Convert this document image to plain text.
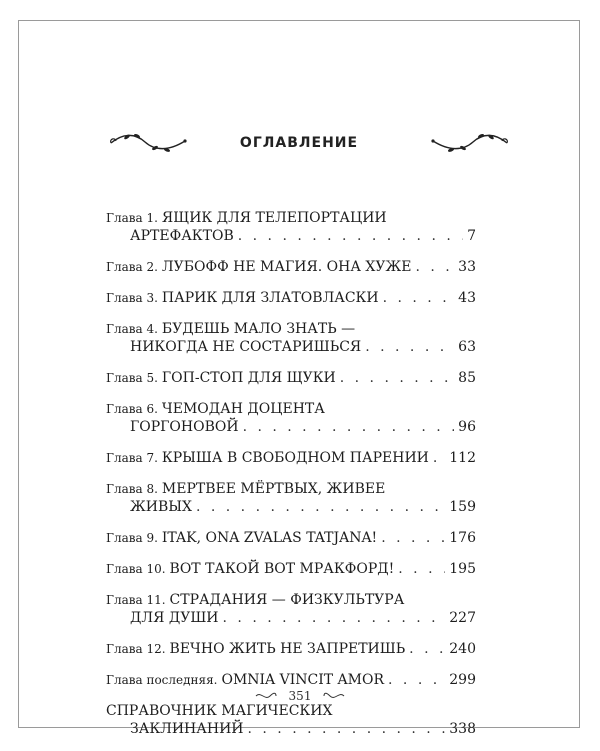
ОГЛАВЛЕНИЕ
Глава 1. ЯЩИК ДЛЯ ТЕЛЕПОРТАЦИИ
АРТЕФАКТОВ . . .	7
Глава 2. ЛУБОФФ НЕ МАГИЯ. ОНА ХУЖЕ . . .	33
Глава 3. ПАРИК ДЛЯ ЗЛАТОВЛАСКИ . . .	43
Глава 4. БУДЕШЬ МАЛО ЗНАТЬ —
НИКОГДА НЕ СОСТАРИШЬСЯ . . .	63
Глава 5. ГОП-СТОП ДЛЯ ЩУКИ . . .	85
Глава 6. ЧЕМОДАН ДОЦЕНТА
ГОРГОНОВОЙ . . .	96
Глава 7. КРЫША В СВОБОДНОМ ПАРЕНИИ . . . 112
Глава 8. МЕРТВЕЕ МЁРТВЫХ, ЖИВЕЕ
ЖИВЫХ . . .	159
Глава 9. ITAK, ONA ZVALAS TATJANA! . . .	176
Глава 10. ВОТ ТАКОЙ ВОТ МРАКФОРД! . . .	195
Глава 11. СТРАДАНИЯ — ФИЗКУЛЬТУРА
ДЛЯ ДУШИ . . .	227
Глава 12. ВЕЧНО ЖИТЬ НЕ ЗАПРЕТИШЬ . . .	240
Глава последняя. OMNIA VINCIT AMOR . . .	299
СПРАВОЧНИК МАГИЧЕСКИХ
ЗАКЛИНАНИЙ . . .	338
351
